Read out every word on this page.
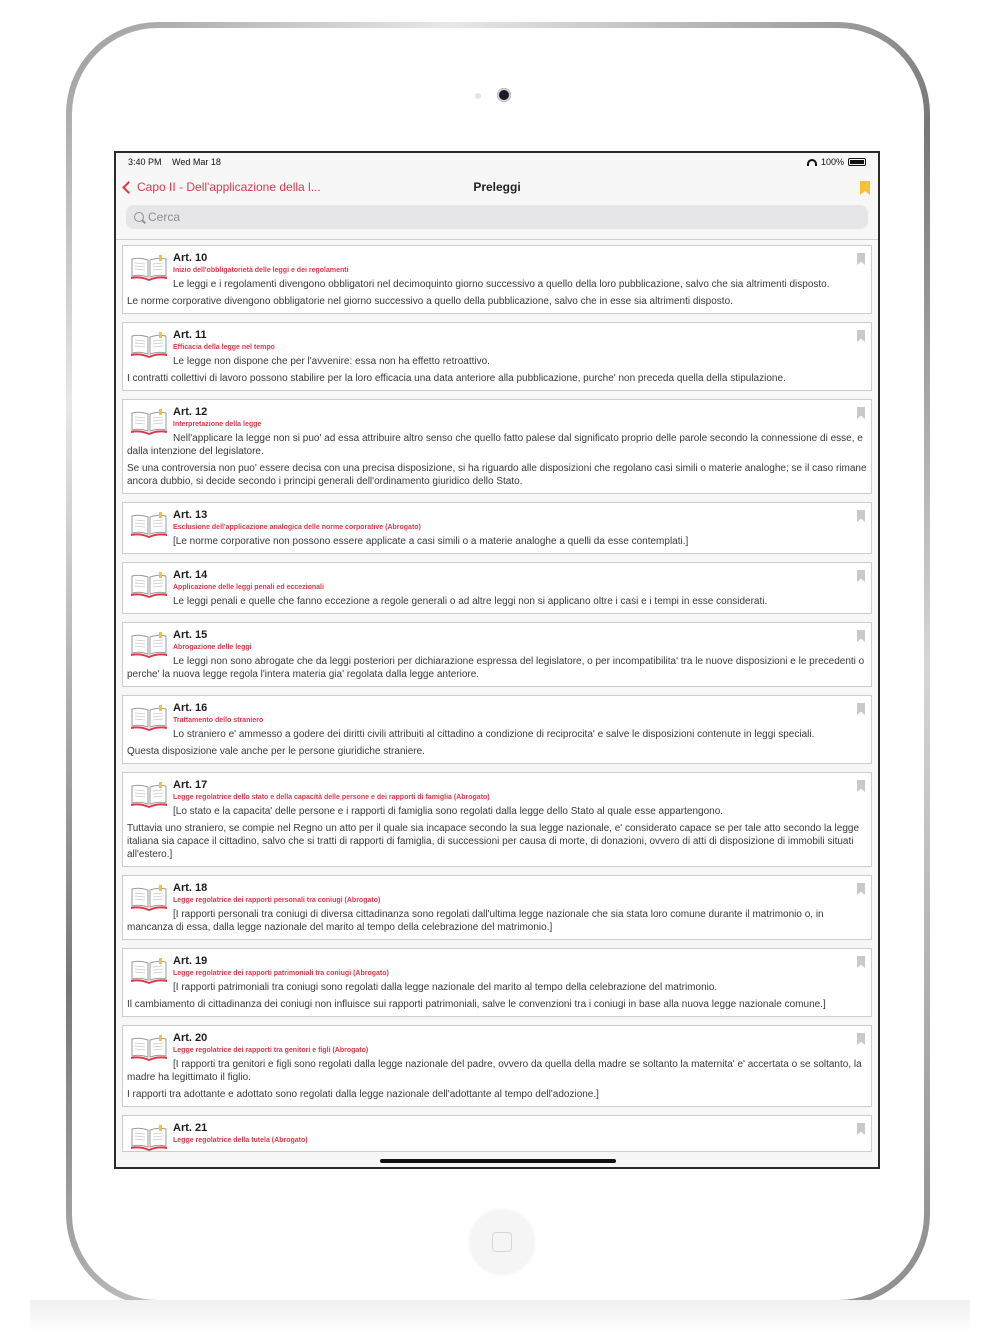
3:40 PM Wed Mar 18	100%
Capo II - Dell'applicazione della l...	Preleggi
Cerca
Art. 10
Inizio dell'obbligatorietà delle leggi e dei regolamenti

Le leggi e i regolamenti divengono obbligatori nel decimoquinto giorno successivo a quello della loro pubblicazione, salvo che sia altrimenti disposto.

Le norme corporative divengono obbligatorie nel giorno successivo a quello della pubblicazione, salvo che in esse sia altrimenti disposto.

Art. 11
Efficacia della legge nel tempo

Le legge non dispone che per l'avvenire: essa non ha effetto retroattivo.

I contratti collettivi di lavoro possono stabilire per la loro efficacia una data anteriore alla pubblicazione, purche' non preceda quella della stipulazione.

Art. 12
Interpretazione della legge

Nell'applicare la legge non si puo' ad essa attribuire altro senso che quello fatto palese dal significato proprio delle parole secondo la connessione di esse, e dalla intenzione del legislatore.

Se una controversia non puo' essere decisa con una precisa disposizione, si ha riguardo alle disposizioni che regolano casi simili o materie analoghe; se il caso rimane ancora dubbio, si decide secondo i principi generali dell'ordinamento giuridico dello Stato.

Art. 13
Esclusione dell'applicazione analogica delle norme corporative (Abrogato)

[Le norme corporative non possono essere applicate a casi simili o a materie analoghe a quelli da esse contemplati.]

Art. 14
Applicazione delle leggi penali ed eccezionali

Le leggi penali e quelle che fanno eccezione a regole generali o ad altre leggi non si applicano oltre i casi e i tempi in esse considerati.

Art. 15
Abrogazione delle leggi

Le leggi non sono abrogate che da leggi posteriori per dichiarazione espressa del legislatore, o per incompatibilita' tra le nuove disposizioni e le precedenti o perche' la nuova legge regola l'intera materia gia' regolata dalla legge anteriore.

Art. 16
Trattamento dello straniero

Lo straniero e' ammesso a godere dei diritti civili attribuiti al cittadino a condizione di reciprocita' e salve le disposizioni contenute in leggi speciali.

Questa disposizione vale anche per le persone giuridiche straniere.

Art. 17
Legge regolatrice dello stato e della capacità delle persone e dei rapporti di famiglia (Abrogato)

[Lo stato e la capacita' delle persone e i rapporti di famiglia sono regolati dalla legge dello Stato al quale esse appartengono.

Tuttavia uno straniero, se compie nel Regno un atto per il quale sia incapace secondo la sua legge nazionale, e' considerato capace se per tale atto secondo la legge italiana sia capace il cittadino, salvo che si tratti di rapporti di famiglia, di successioni per causa di morte, di donazioni, ovvero di atti di disposizione di immobili situati all'estero.]

Art. 18
Legge regolatrice dei rapporti personali tra coniugi (Abrogato)

[I rapporti personali tra coniugi di diversa cittadinanza sono regolati dall'ultima legge nazionale che sia stata loro comune durante il matrimonio o, in mancanza di essa, dalla legge nazionale del marito al tempo della celebrazione del matrimonio.]

Art. 19
Legge regolatrice dei rapporti patrimoniali tra coniugi (Abrogato)

[I rapporti patrimoniali tra coniugi sono regolati dalla legge nazionale del marito al tempo della celebrazione del matrimonio.

Il cambiamento di cittadinanza dei coniugi non influisce sui rapporti patrimoniali, salve le convenzioni tra i coniugi in base alla nuova legge nazionale comune.]

Art. 20
Legge regolatrice dei rapporti tra genitori e figli (Abrogato)

[I rapporti tra genitori e figli sono regolati dalla legge nazionale del padre, ovvero da quella della madre se soltanto la maternita' e' accertata o se soltanto, la madre ha legittimato il figlio.

I rapporti tra adottante e adottato sono regolati dalla legge nazionale dell'adottante al tempo dell'adozione.]

Art. 21
Legge regolatrice della tutela (Abrogato)
